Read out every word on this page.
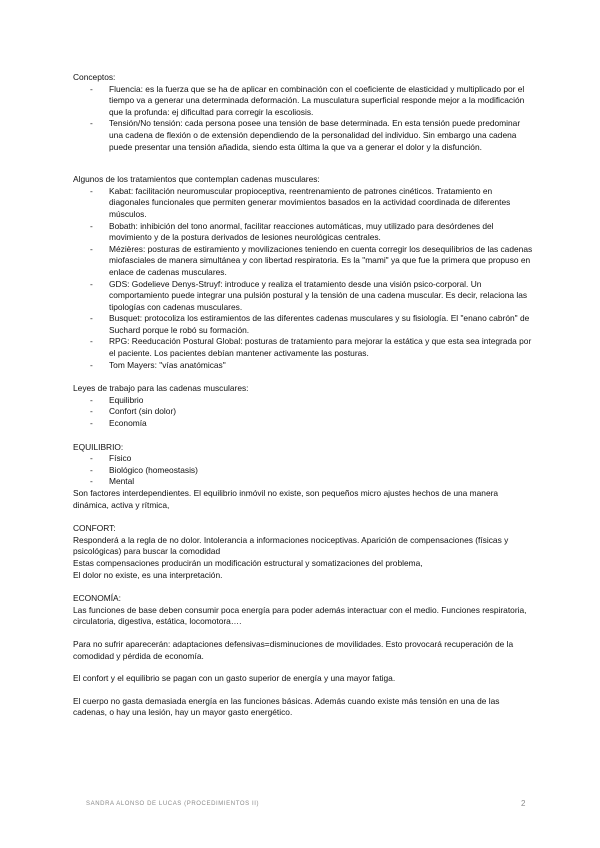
Conceptos:

- Fluencia: es la fuerza que se ha de aplicar en combinación con el coeficiente de elasticidad y multiplicado por el tiempo va a generar una determinada deformación. La musculatura superficial responde mejor a la modificación que la profunda: ej dificultad para corregir la escoliosis.
- Tensión/No tensión: cada persona posee una tensión de base determinada. En esta tensión puede predominar una cadena de flexión o de extensión dependiendo de la personalidad del individuo. Sin embargo una cadena puede presentar una tensión añadida, siendo esta última la que va a generar el dolor y la disfunción.

Algunos de los tratamientos que contemplan cadenas musculares:

- Kabat: facilitación neuromuscular propioceptiva, reentrenamiento de patrones cinéticos. Tratamiento en diagonales funcionales que permiten generar movimientos basados en la actividad coordinada de diferentes músculos.
- Bobath: inhibición del tono anormal, facilitar reacciones automáticas, muy utilizado para desórdenes del movimiento y de la postura derivados de lesiones neurológicas centrales.
- Mézières: posturas de estiramiento y movilizaciones teniendo en cuenta corregir los desequilibrios de las cadenas miofasciales de manera simultánea y con libertad respiratoria. Es la "mami" ya que fue la primera que propuso en enlace de cadenas musculares.
- GDS: Godelieve Denys-Struyf: introduce y realiza el tratamiento desde una visión psico-corporal. Un comportamiento puede integrar una pulsión postural y la tensión de una cadena muscular. Es decir, relaciona las tipologías con cadenas musculares.
- Busquet: protocoliza los estiramientos de las diferentes cadenas musculares y su fisiología. El "enano cabrón" de Suchard porque le robó su formación.
- RPG: Reeducación Postural Global: posturas de tratamiento para mejorar la estática y que esta sea integrada por el paciente. Los pacientes debían mantener activamente las posturas.
- Tom Mayers: "vías anatómicas"

Leyes de trabajo para las cadenas musculares:

- Equilibrio
- Confort (sin dolor)
- Economía

EQUILIBRIO:

- Físico
- Biológico (homeostasis)
- Mental

Son factores interdependientes. El equilibrio inmóvil no existe, son pequeños micro ajustes hechos de una manera dinámica, activa y rítmica,

CONFORT:

Responderá a la regla de no dolor. Intolerancia a informaciones nociceptivas. Aparición de compensaciones (físicas y psicológicas) para buscar la comodidad

Estas compensaciones producirán un modificación estructural y somatizaciones del problema,

El dolor no existe, es una interpretación.

ECONOMÍA:

Las funciones de base deben consumir poca energía para poder además interactuar con el medio. Funciones respiratoria, circulatoria, digestiva, estática, locomotora….

Para no sufrir aparecerán: adaptaciones defensivas=disminuciones de movilidades. Esto provocará recuperación de la comodidad y pérdida de economía.

El confort y el equilibrio se pagan con un gasto superior de energía y una mayor fatiga.

El cuerpo no gasta demasiada energía en las funciones básicas. Además cuando existe más tensión en una de las cadenas, o hay una lesión, hay un mayor gasto energético.

SANDRA ALONSO DE LUCAS (PROCEDIMIENTOS II)	2
